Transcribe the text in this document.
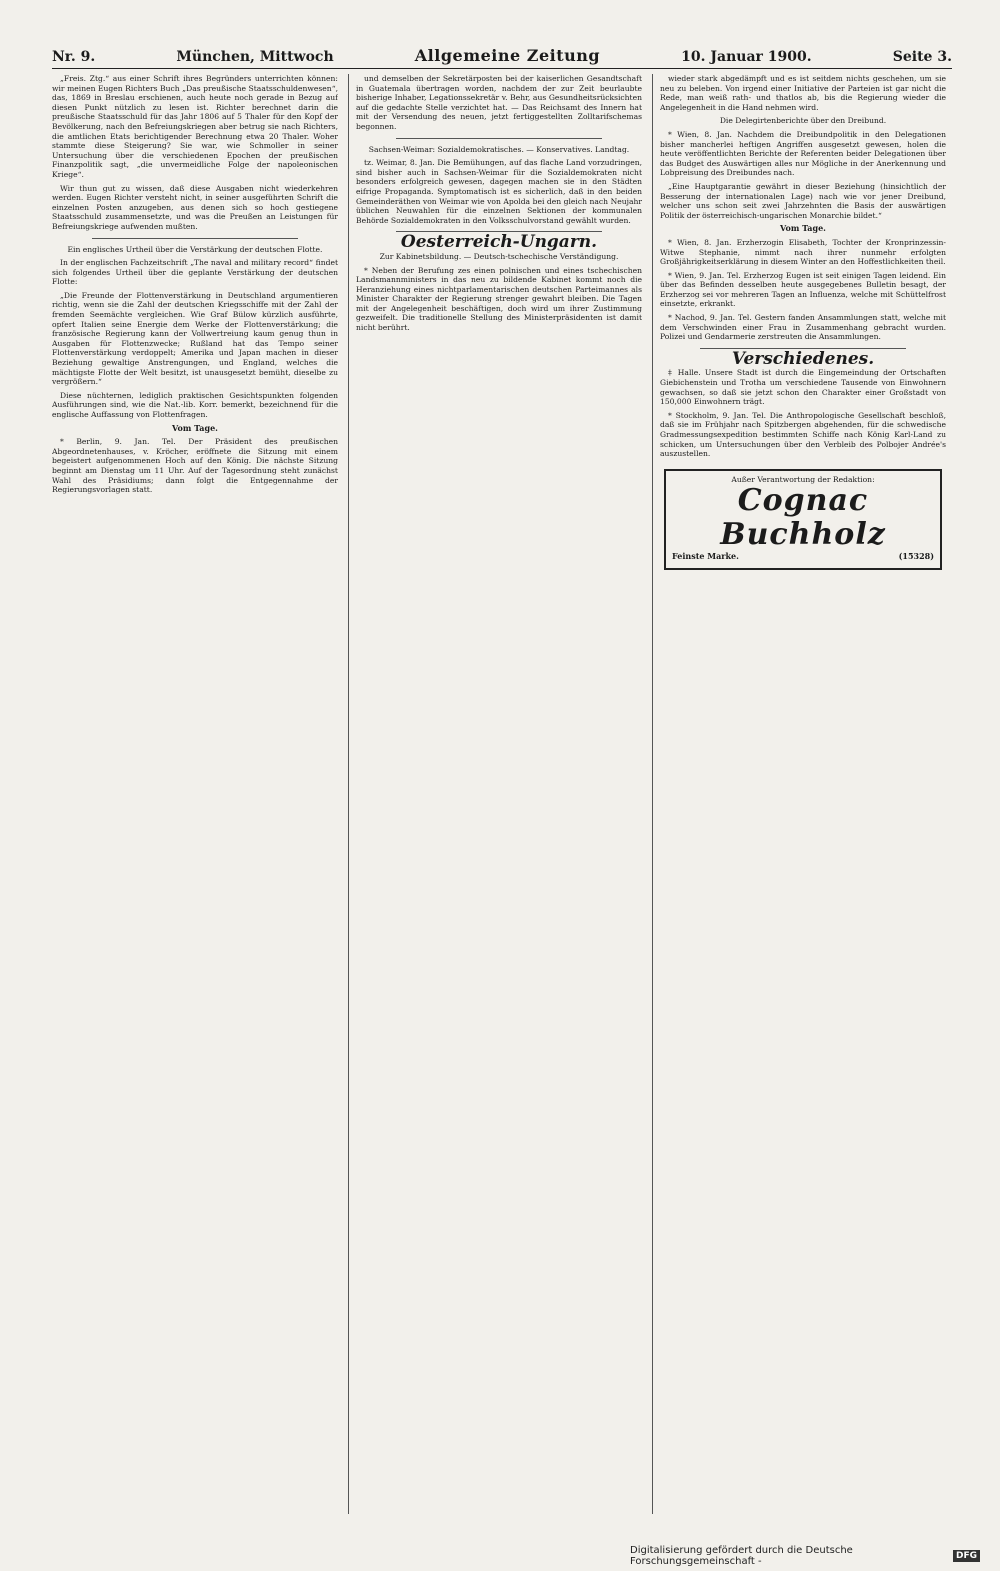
Nr. 9.	München, Mittwoch	Allgemeine Zeitung	10. Januar 1900.	Seite 3.

„Freis. Ztg.“ aus einer Schrift ihres Begründers unterrichten können: wir meinen Eugen Richters Buch „Das preußische Staatsschuldenwesen“, das, 1869 in Breslau erschienen, auch heute noch gerade in Bezug auf diesen Punkt nützlich zu lesen ist. Richter berechnet darin die preußische Staatsschuld für das Jahr 1806 auf 5 Thaler für den Kopf der Bevölkerung, nach den Befreiungskriegen aber betrug sie nach Richters, die amtlichen Etats berichtigender Berechnung etwa 20 Thaler. Woher stammte diese Steigerung? Sie war, wie Schmoller in seiner Untersuchung über die verschiedenen Epochen der preußischen Finanzpolitik sagt, „die unvermeidliche Folge der napoleonischen Kriege“.

Wir thun gut zu wissen, daß diese Ausgaben nicht wiederkehren werden. Eugen Richter versteht nicht, in seiner ausgeführten Schrift die einzelnen Posten anzugeben, aus denen sich so hoch gestiegene Staatsschuld zusammensetzte, und was die Preußen an Leistungen für Befreiungskriege aufwenden mußten.

Ein englisches Urtheil über die Verstärkung der deutschen Flotte.

In der englischen Fachzeitschrift „The naval and military record“ findet sich folgendes Urtheil über die geplante Verstärkung der deutschen Flotte:

„Die Freunde der Flottenverstärkung in Deutschland argumentieren richtig, wenn sie die Zahl der deutschen Kriegsschiffe mit der Zahl der fremden Seemächte vergleichen. Wie Graf Bülow kürzlich ausführte, opfert Italien seine Energie dem Werke der Flottenverstärkung; die französische Regierung kann der Vollwertreiung kaum genug thun in Ausgaben für Flottenzwecke; Rußland hat das Tempo seiner Flottenverstärkung verdoppelt; Amerika und Japan machen in dieser Beziehung gewaltige Anstrengungen, und England, welches die mächtigste Flotte der Welt besitzt, ist unausgesetzt bemüht, dieselbe zu vergrößern.“

Diese nüchternen, lediglich praktischen Gesichtspunkten folgenden Ausführungen sind, wie die Nat.-lib. Korr. bemerkt, bezeichnend für die englische Auffassung von Flottenfragen.

Vom Tage.

* Berlin, 9. Jan. Tel. Der Präsident des preußischen Abgeordnetenhauses, v. Kröcher, eröffnete die Sitzung mit einem begeistert aufgenommenen Hoch auf den König. Die nächste Sitzung beginnt am Dienstag um 11 Uhr. Auf der Tagesordnung steht zunächst Wahl des Präsidiums; dann folgt die Entgegennahme der Regierungsvorlagen statt.

und demselben der Sekretärposten bei der kaiserlichen Gesandtschaft in Guatemala übertragen worden, nachdem der zur Zeit beurlaubte bisherige Inhaber, Legationssekretär v. Behr, aus Gesundheitsrücksichten auf die gedachte Stelle verzichtet hat. — Das Reichsamt des Innern hat mit der Versendung des neuen, jetzt fertiggestellten Zolltarifschemas begonnen.

Sachsen-Weimar: Sozialdemokratisches. — Konservatives. Landtag.

tz. Weimar, 8. Jan. Die Bemühungen, auf das flache Land vorzudringen, sind bisher auch in Sachsen-Weimar für die Sozialdemokraten nicht besonders erfolgreich gewesen, dagegen machen sie in den Städten eifrige Propaganda. Symptomatisch ist es sicherlich, daß in den beiden Gemeinderäthen von Weimar wie von Apolda bei den gleich nach Neujahr üblichen Neuwahlen für die einzelnen Sektionen der kommunalen Behörde Sozialdemokraten in den Volksschulvorstand gewählt wurden.

Oesterreich-Ungarn.

Zur Kabinetsbildung. — Deutsch-tschechische Verständigung.

* Neben der Berufung zes einen polnischen und eines tschechischen Landsmannministers in das neu zu bildende Kabinet kommt noch die Heranziehung eines nichtparlamentarischen deutschen Parteimannes als Minister Charakter der Regierung strenger gewahrt bleiben. Die Tagen mit der Angelegenheit beschäftigen, doch wird um ihrer Zustimmung gezweifelt. Die traditionelle Stellung des Ministerpräsidenten ist damit nicht berührt.

wieder stark abgedämpft und es ist seitdem nichts geschehen, um sie neu zu beleben. Von irgend einer Initiative der Parteien ist gar nicht die Rede, man weiß rath- und thatlos ab, bis die Regierung wieder die Angelegenheit in die Hand nehmen wird.

Die Delegirtenberichte über den Dreibund.

* Wien, 8. Jan. Nachdem die Dreibundpolitik in den Delegationen bisher mancherlei heftigen Angriffen ausgesetzt gewesen, holen die heute veröffentlichten Berichte der Referenten beider Delegationen über das Budget des Auswärtigen alles nur Mögliche in der Anerkennung und Lobpreisung des Dreibundes nach.

„Eine Hauptgarantie gewährt in dieser Beziehung (hinsichtlich der Besserung der internationalen Lage) nach wie vor jener Dreibund, welcher uns schon seit zwei Jahrzehnten die Basis der auswärtigen Politik der österreichisch-ungarischen Monarchie bildet.“

Vom Tage.

* Wien, 8. Jan. Erzherzogin Elisabeth, Tochter der Kronprinzessin-Witwe Stephanie, nimmt nach ihrer nunmehr erfolgten Großjährigkeitserklärung in diesem Winter an den Hoffestlichkeiten theil.

* Wien, 9. Jan. Tel. Erzherzog Eugen ist seit einigen Tagen leidend. Ein über das Befinden desselben heute ausgegebenes Bulletin besagt, der Erzherzog sei vor mehreren Tagen an Influenza, welche mit Schüttelfrost einsetzte, erkrankt.

* Nachod, 9. Jan. Tel. Gestern fanden Ansammlungen statt, welche mit dem Verschwinden einer Frau in Zusammenhang gebracht wurden. Polizei und Gendarmerie zerstreuten die Ansammlungen.

Verschiedenes.

‡ Halle. Unsere Stadt ist durch die Eingemeindung der Ortschaften Giebichenstein und Trotha um verschiedene Tausende von Einwohnern gewachsen, so daß sie jetzt schon den Charakter einer Großstadt von 150,000 Einwohnern trägt.

* Stockholm, 9. Jan. Tel. Die Anthropologische Gesellschaft beschloß, daß sie im Frühjahr nach Spitzbergen abgehenden, für die schwedische Gradmessungsexpedition bestimmten Schiffe nach König Karl-Land zu schicken, um Untersuchungen über den Verbleib des Polbojer Andrée's auszustellen.

Außer Verantwortung der Redaktion:
Cognac Buchholz
Feinste Marke.	(15328)
Digitalisierung gefördert durch die Deutsche Forschungsgemeinschaft -	DFG
